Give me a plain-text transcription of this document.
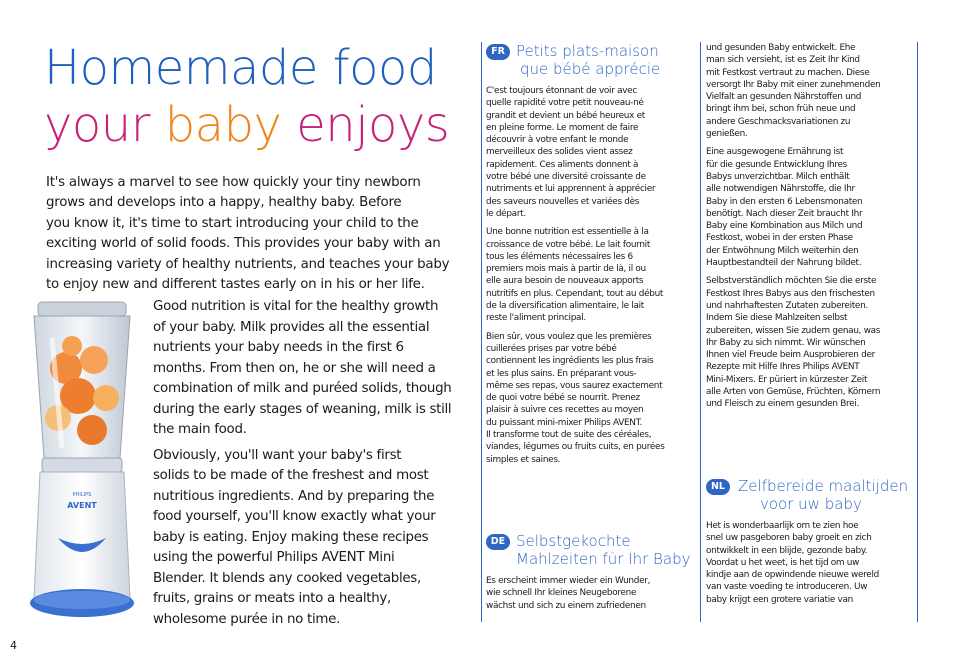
Homemade food
your baby enjoys

It's always a marvel to see how quickly your tiny newborn
grows and develops into a happy, healthy baby. Before
you know it, it's time to start introducing your child to the
exciting world of solid foods. This provides your baby with an
increasing variety of healthy nutrients, and teaches your baby
to enjoy new and different tastes early on in his or her life.

PHILIPS
AVENT
Good nutrition is vital for the healthy growth
of your baby. Milk provides all the essential
nutrients your baby needs in the first 6
months. From then on, he or she will need a
combination of milk and puréed solids, though
during the early stages of weaning, milk is still
the main food.
Obviously, you'll want your baby's first
solids to be made of the freshest and most
nutritious ingredients. And by preparing the
food yourself, you'll know exactly what your
baby is eating. Enjoy making these recipes
using the powerful Philips AVENT Mini
Blender. It blends any cooked vegetables,
fruits, grains or meats into a healthy,
wholesome purée in no time.
4
FR Petits plats-maison
que bébé apprécie
C'est toujours étonnant de voir avec
quelle rapidité votre petit nouveau-né
grandit et devient un bébé heureux et
en pleine forme. Le moment de faire
découvrir à votre enfant le monde
merveilleux des solides vient assez
rapidement. Ces aliments donnent à
votre bébé une diversité croissante de
nutriments et lui apprennent à apprécier
des saveurs nouvelles et variées dès
le départ.
Une bonne nutrition est essentielle à la
croissance de votre bébé. Le lait fournit
tous les éléments nécessaires les 6
premiers mois mais à partir de là, il ou
elle aura besoin de nouveaux apports
nutritifs en plus. Cependant, tout au début
de la diversification alimentaire, le lait
reste l'aliment principal.
Bien sûr, vous voulez que les premières
cuillerées prises par votre bébé
contiennent les ingrédients les plus frais
et les plus sains. En préparant vous-
même ses repas, vous saurez exactement
de quoi votre bébé se nourrit. Prenez
plaisir à suivre ces recettes au moyen
du puissant mini-mixer Philips AVENT.
Il transforme tout de suite des céréales,
viandes, légumes ou fruits cuits, en purées
simples et saines.
DE Selbstgekochte
Mahlzeiten für Ihr Baby
Es erscheint immer wieder ein Wunder,
wie schnell Ihr kleines Neugeborene
wächst und sich zu einem zufriedenen
und gesunden Baby entwickelt. Ehe
man sich versieht, ist es Zeit Ihr Kind
mit Festkost vertraut zu machen. Diese
versorgt Ihr Baby mit einer zunehmenden
Vielfalt an gesunden Nährstoffen und
bringt ihm bei, schon früh neue und
andere Geschmacksvariationen zu
genießen.
Eine ausgewogene Ernährung ist
für die gesunde Entwicklung Ihres
Babys unverzichtbar. Milch enthält
alle notwendigen Nährstoffe, die Ihr
Baby in den ersten 6 Lebensmonaten
benötigt. Nach dieser Zeit braucht Ihr
Baby eine Kombination aus Milch und
Festkost, wobei in der ersten Phase
der Entwöhnung Milch weiterhin den
Hauptbestandteil der Nahrung bildet.
Selbstverständlich möchten Sie die erste
Festkost Ihres Babys aus den frischesten
und nahrhaftesten Zutaten zubereiten.
Indem Sie diese Mahlzeiten selbst
zubereiten, wissen Sie zudem genau, was
Ihr Baby zu sich nimmt. Wir wünschen
Ihnen viel Freude beim Ausprobieren der
Rezepte mit Hilfe Ihres Philips AVENT
Mini-Mixers. Er püriert in kürzester Zeit
alle Arten von Gemüse, Früchten, Körnern
und Fleisch zu einem gesunden Brei.
NL Zelfbereide maaltijden
voor uw baby
Het is wonderbaarlijk om te zien hoe
snel uw pasgeboren baby groeit en zich
ontwikkelt in een blijde, gezonde baby.
Voordat u het weet, is het tijd om uw
kindje aan de opwindende nieuwe wereld
van vaste voeding te introduceren. Uw
baby krijgt een grotere variatie van
